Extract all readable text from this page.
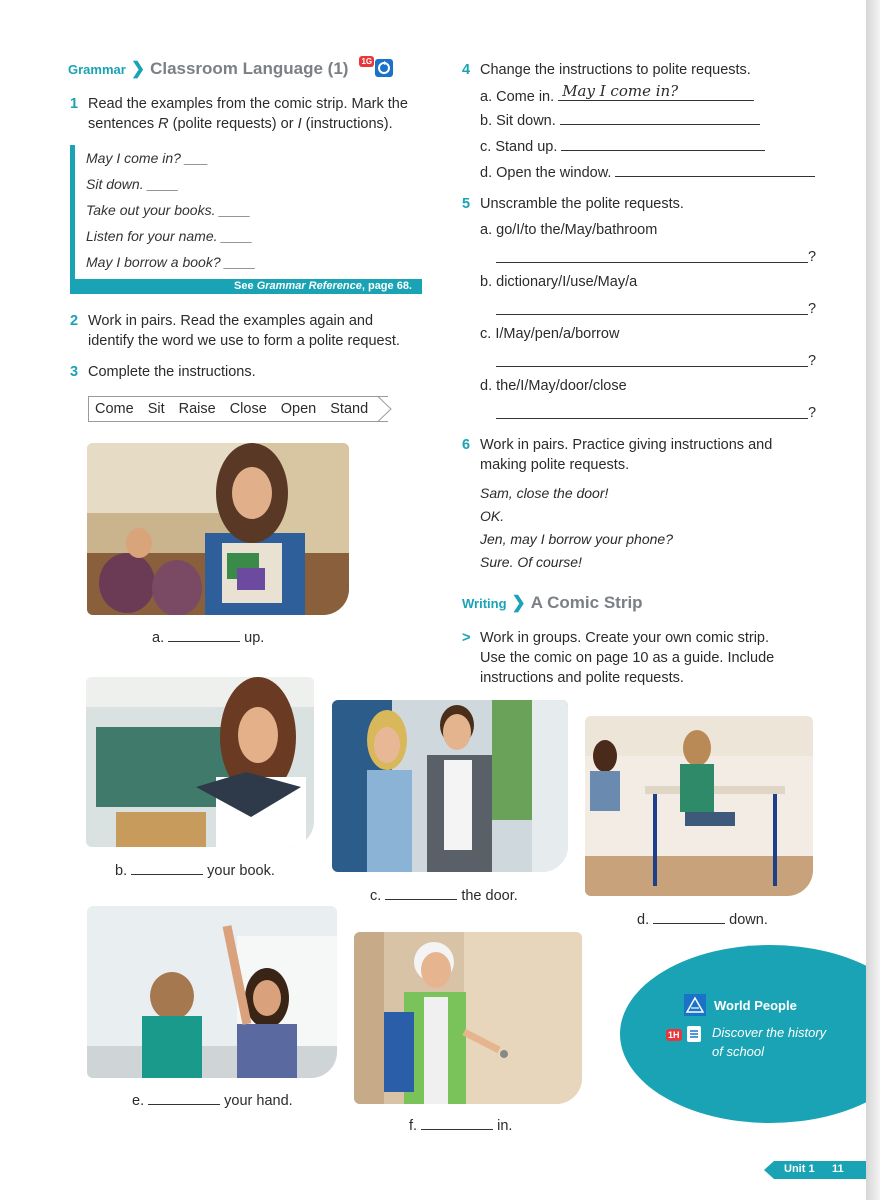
Grammar ❯ Classroom Language (1) 1G
1 Read the examples from the comic strip. Mark the sentences R (polite requests) or I (instructions).
May I come in? ___
Sit down. ____
Take out your books. ____
Listen for your name. ____
May I borrow a book? ____
See Grammar Reference, page 68.
2 Work in pairs. Read the examples again and identify the word we use to form a polite request.
3 Complete the instructions.
Come Sit Raise Close Open Stand
a.	up.
b.	your book.
c.	the door.
d.	down.
e.	your hand.
f.	in.
4 Change the instructions to polite requests.
a. Come in. May I come in?
b. Sit down.
c. Stand up.
d. Open the window.
5 Unscramble the polite requests.
a. go/I/to the/May/bathroom
?
b. dictionary/I/use/May/a
?
c. I/May/pen/a/borrow
?
d. the/I/May/door/close
?
6 Work in pairs. Practice giving instructions and making polite requests.
Sam, close the door!
OK.
Jen, may I borrow your phone?
Sure. Of course!
Writing ❯ A Comic Strip
> Work in groups. Create your own comic strip. Use the comic on page 10 as a guide. Include instructions and polite requests.
World People
1H	Discover the history
of school
Unit 1 11
